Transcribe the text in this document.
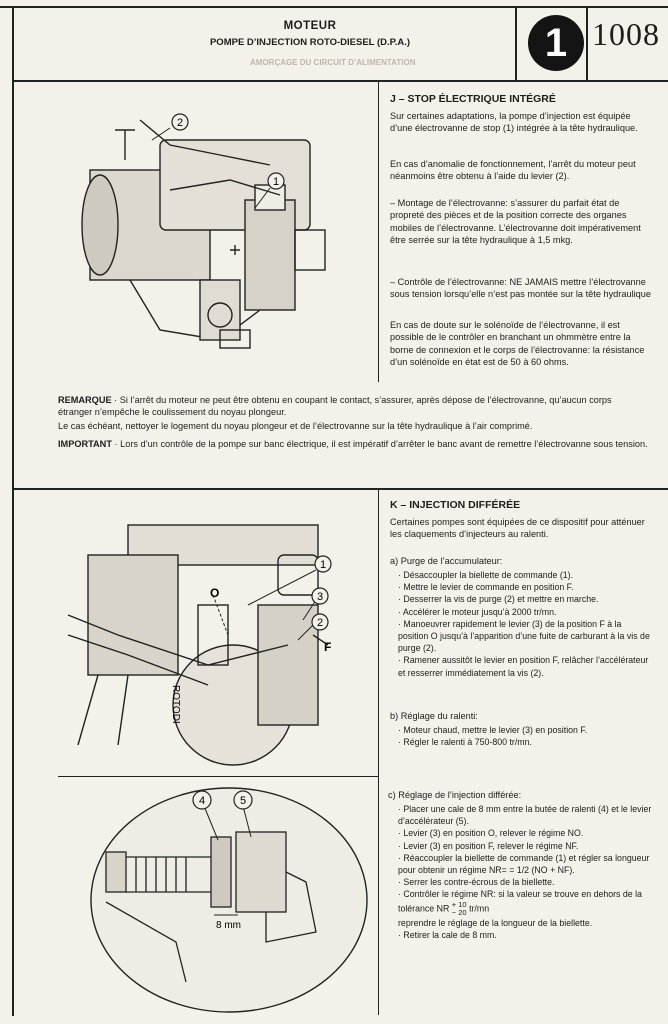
MOTEUR
POMPE D’INJECTION ROTO-DIESEL (D.P.A.)
AMORÇAGE DU CIRCUIT D’ALIMENTATION	1 1008
2
1
J – STOP ÉLECTRIQUE INTÉGRÉ
Sur certaines adaptations, la pompe d’injection est équipée d’une électrovanne de stop (1) intégrée à la tête hydraulique.
En cas d’anomalie de fonctionnement, l’arrêt du moteur peut néanmoins être obtenu à l’aide du levier (2).
– Montage de l’électrovanne: s’assurer du parfait état de propreté des pièces et de la position correcte des organes mobiles de l’électrovanne. L’électrovanne doit impérativement être serrée sur la tête hydraulique à 1,5 mkg.
– Contrôle de l’électrovanne: NE JAMAIS mettre l’électrovanne sous tension lorsqu’elle n’est pas montée sur la tête hydraulique
En cas de doute sur le solénoïde de l’électrovanne, il est possible de le contrôler en branchant un ohmmètre entre la borne de connexion et le corps de l’électrovanne: la résistance d’un solénoïde en état est de 50 à 60 ohms.
REMARQUE · Si l’arrêt du moteur ne peut être obtenu en coupant le contact, s’assurer, après dépose de l’électrovanne, qu’aucun corps étranger n’empêche le coulissement du noyau plongeur.
Le cas échéant, nettoyer le logement du noyau plongeur et de l’électrovanne sur la tête hydraulique à l’air comprimé.
IMPORTANT · Lors d’un contrôle de la pompe sur banc électrique, il est impératif d’arrêter le banc avant de remettre l’électrovanne sous tension.
1
2
3
O
F
ROTODI
4	5
8 mm
K – INJECTION DIFFÉRÉE
Certaines pompes sont équipées de ce dispositif pour atténuer les claquements d’injecteurs au ralenti.
a) Purge de l’accumulateur:
· Désaccoupler la biellette de commande (1).
· Mettre le levier de commande en position F.
· Desserrer la vis de purge (2) et mettre en marche.
· Accélérer le moteur jusqu’à 2000 tr/mn.
· Manoeuvrer rapidement le levier (3) de la position F à la position O jusqu’à l’apparition d’une fuite de carburant à la vis de purge (2).
· Ramener aussitôt le levier en position F, relâcher l’accélérateur et resserrer immédiatement la vis (2).
b) Réglage du ralenti:
· Moteur chaud, mettre le levier (3) en position F.
· Régler le ralenti à 750-800 tr/mn.
c) Réglage de l’injection différée:
· Placer une cale de 8 mm entre la butée de ralenti (4) et le levier d’accélérateur (5).
· Levier (3) en position O, relever le régime NO.
· Levier (3) en position F, relever le régime NF.
· Réaccoupler la biellette de commande (1) et régler sa longueur pour obtenir un régime NR= = 1/2 (NO + NF).
· Serrer les contre-écrous de la biellette.
· Contrôler le régime NR: si la valeur se trouve en dehors de la tolérance NR + 10
− 20 tr/mn
reprendre le réglage de la longueur de la biellette.
· Retirer la cale de 8 mm.
